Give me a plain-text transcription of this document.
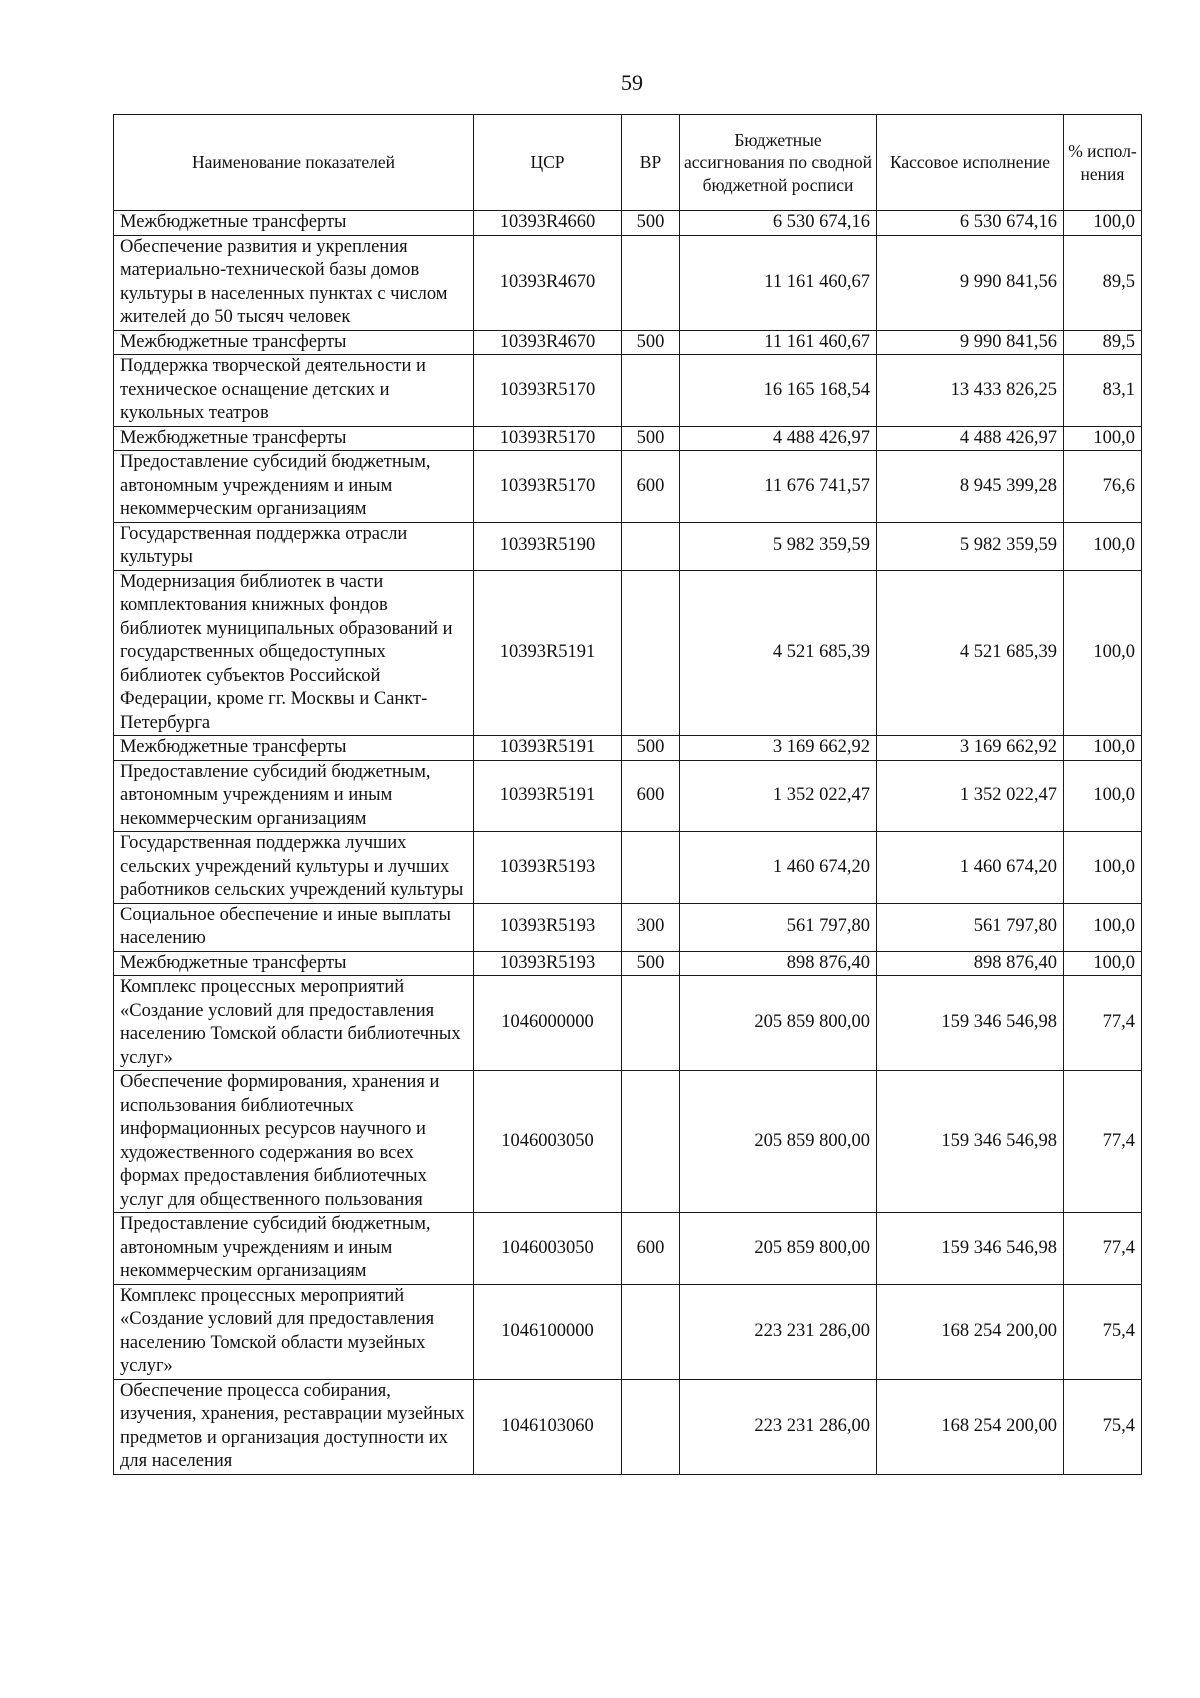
59
Наименование показателей	ЦСР	ВР	Бюджетные ассигнования по сводной бюджетной росписи	Кассовое исполнение	% испол-нения
Межбюджетные трансферты	10393R4660	500	6 530 674,16	6 530 674,16	100,0
Обеспечение развития и укрепления материально-технической базы домов культуры в населенных пунктах с числом жителей до 50 тысяч человек	10393R4670		11 161 460,67	9 990 841,56	89,5
Межбюджетные трансферты	10393R4670	500	11 161 460,67	9 990 841,56	89,5
Поддержка творческой деятельности и техническое оснащение детских и кукольных театров	10393R5170		16 165 168,54	13 433 826,25	83,1
Межбюджетные трансферты	10393R5170	500	4 488 426,97	4 488 426,97	100,0
Предоставление субсидий бюджетным, автономным учреждениям и иным некоммерческим организациям	10393R5170	600	11 676 741,57	8 945 399,28	76,6
Государственная поддержка отрасли культуры	10393R5190		5 982 359,59	5 982 359,59	100,0
Модернизация библиотек в части комплектования книжных фондов библиотек муниципальных образований и государственных общедоступных библиотек субъектов Российской Федерации, кроме гг. Москвы и Санкт-Петербурга	10393R5191		4 521 685,39	4 521 685,39	100,0
Межбюджетные трансферты	10393R5191	500	3 169 662,92	3 169 662,92	100,0
Предоставление субсидий бюджетным, автономным учреждениям и иным некоммерческим организациям	10393R5191	600	1 352 022,47	1 352 022,47	100,0
Государственная поддержка лучших сельских учреждений культуры и лучших работников сельских учреждений культуры	10393R5193		1 460 674,20	1 460 674,20	100,0
Социальное обеспечение и иные выплаты населению	10393R5193	300	561 797,80	561 797,80	100,0
Межбюджетные трансферты	10393R5193	500	898 876,40	898 876,40	100,0
Комплекс процессных мероприятий «Создание условий для предоставления населению Томской области библиотечных услуг»	1046000000		205 859 800,00	159 346 546,98	77,4
Обеспечение формирования, хранения и использования библиотечных информационных ресурсов научного и художественного содержания во всех формах предоставления библиотечных услуг для общественного пользования	1046003050		205 859 800,00	159 346 546,98	77,4
Предоставление субсидий бюджетным, автономным учреждениям и иным некоммерческим организациям	1046003050	600	205 859 800,00	159 346 546,98	77,4
Комплекс процессных мероприятий «Создание условий для предоставления населению Томской области музейных услуг»	1046100000		223 231 286,00	168 254 200,00	75,4
Обеспечение процесса собирания, изучения, хранения, реставрации музейных предметов и организация доступности их для населения	1046103060		223 231 286,00	168 254 200,00	75,4
